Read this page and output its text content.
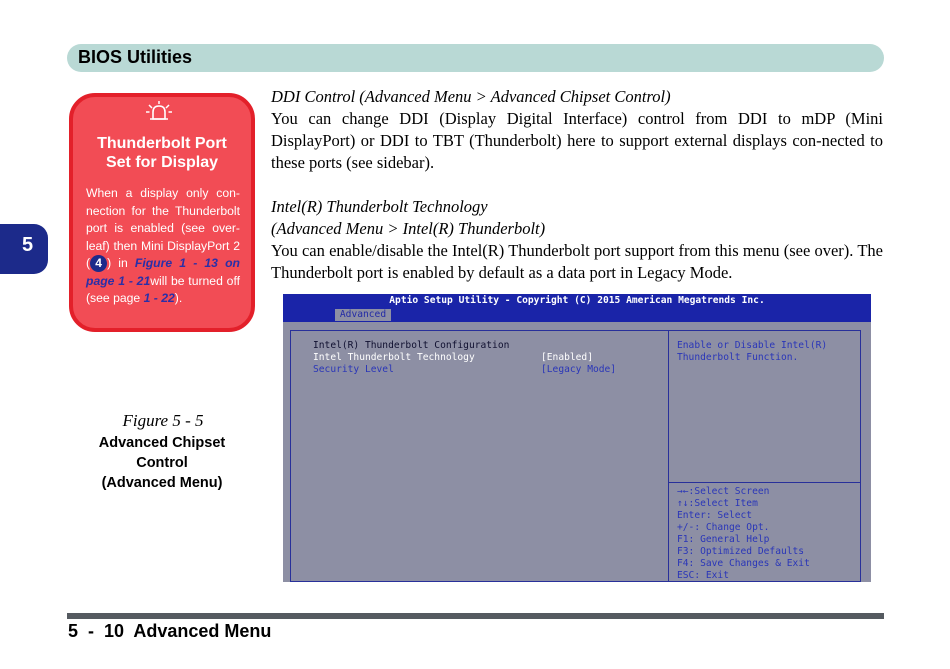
BIOS Utilities
5
Thunderbolt Port
Set for Display
When a display only con-nection for the Thunderbolt port is enabled (see over-leaf) then Mini DisplayPort 2 ( 4 ) in Figure 1 - 13 on page 1 - 21will be turned off (see page 1 - 22).
Figure 5 - 5
Advanced Chipset
Control
(Advanced Menu)

DDI Control (Advanced Menu > Advanced Chipset Control)

You can change DDI (Display Digital Interface) control from DDI to mDP (Mini DisplayPort) or DDI to TBT (Thunderbolt) here to support external displays con-nected to these ports (see sidebar).

Intel(R) Thunderbolt Technology

(Advanced Menu > Intel(R) Thunderbolt)

You can enable/disable the Intel(R) Thunderbolt port support from this menu (see over). The Thunderbolt port is enabled by default as a data port in Legacy Mode.

Aptio Setup Utility - Copyright (C) 2015 American Megatrends Inc.
Advanced
Intel(R) Thunderbolt Configuration
Intel Thunderbolt Technology	[Enabled]
Security Level	[Legacy Mode]
Enable or Disable Intel(R)
Thunderbolt Function.
→←:Select Screen
↑↓:Select Item
Enter: Select
+/-: Change Opt.
F1: General Help
F3: Optimized Defaults
F4: Save Changes & Exit
ESC: Exit
5  -  10  Advanced Menu
